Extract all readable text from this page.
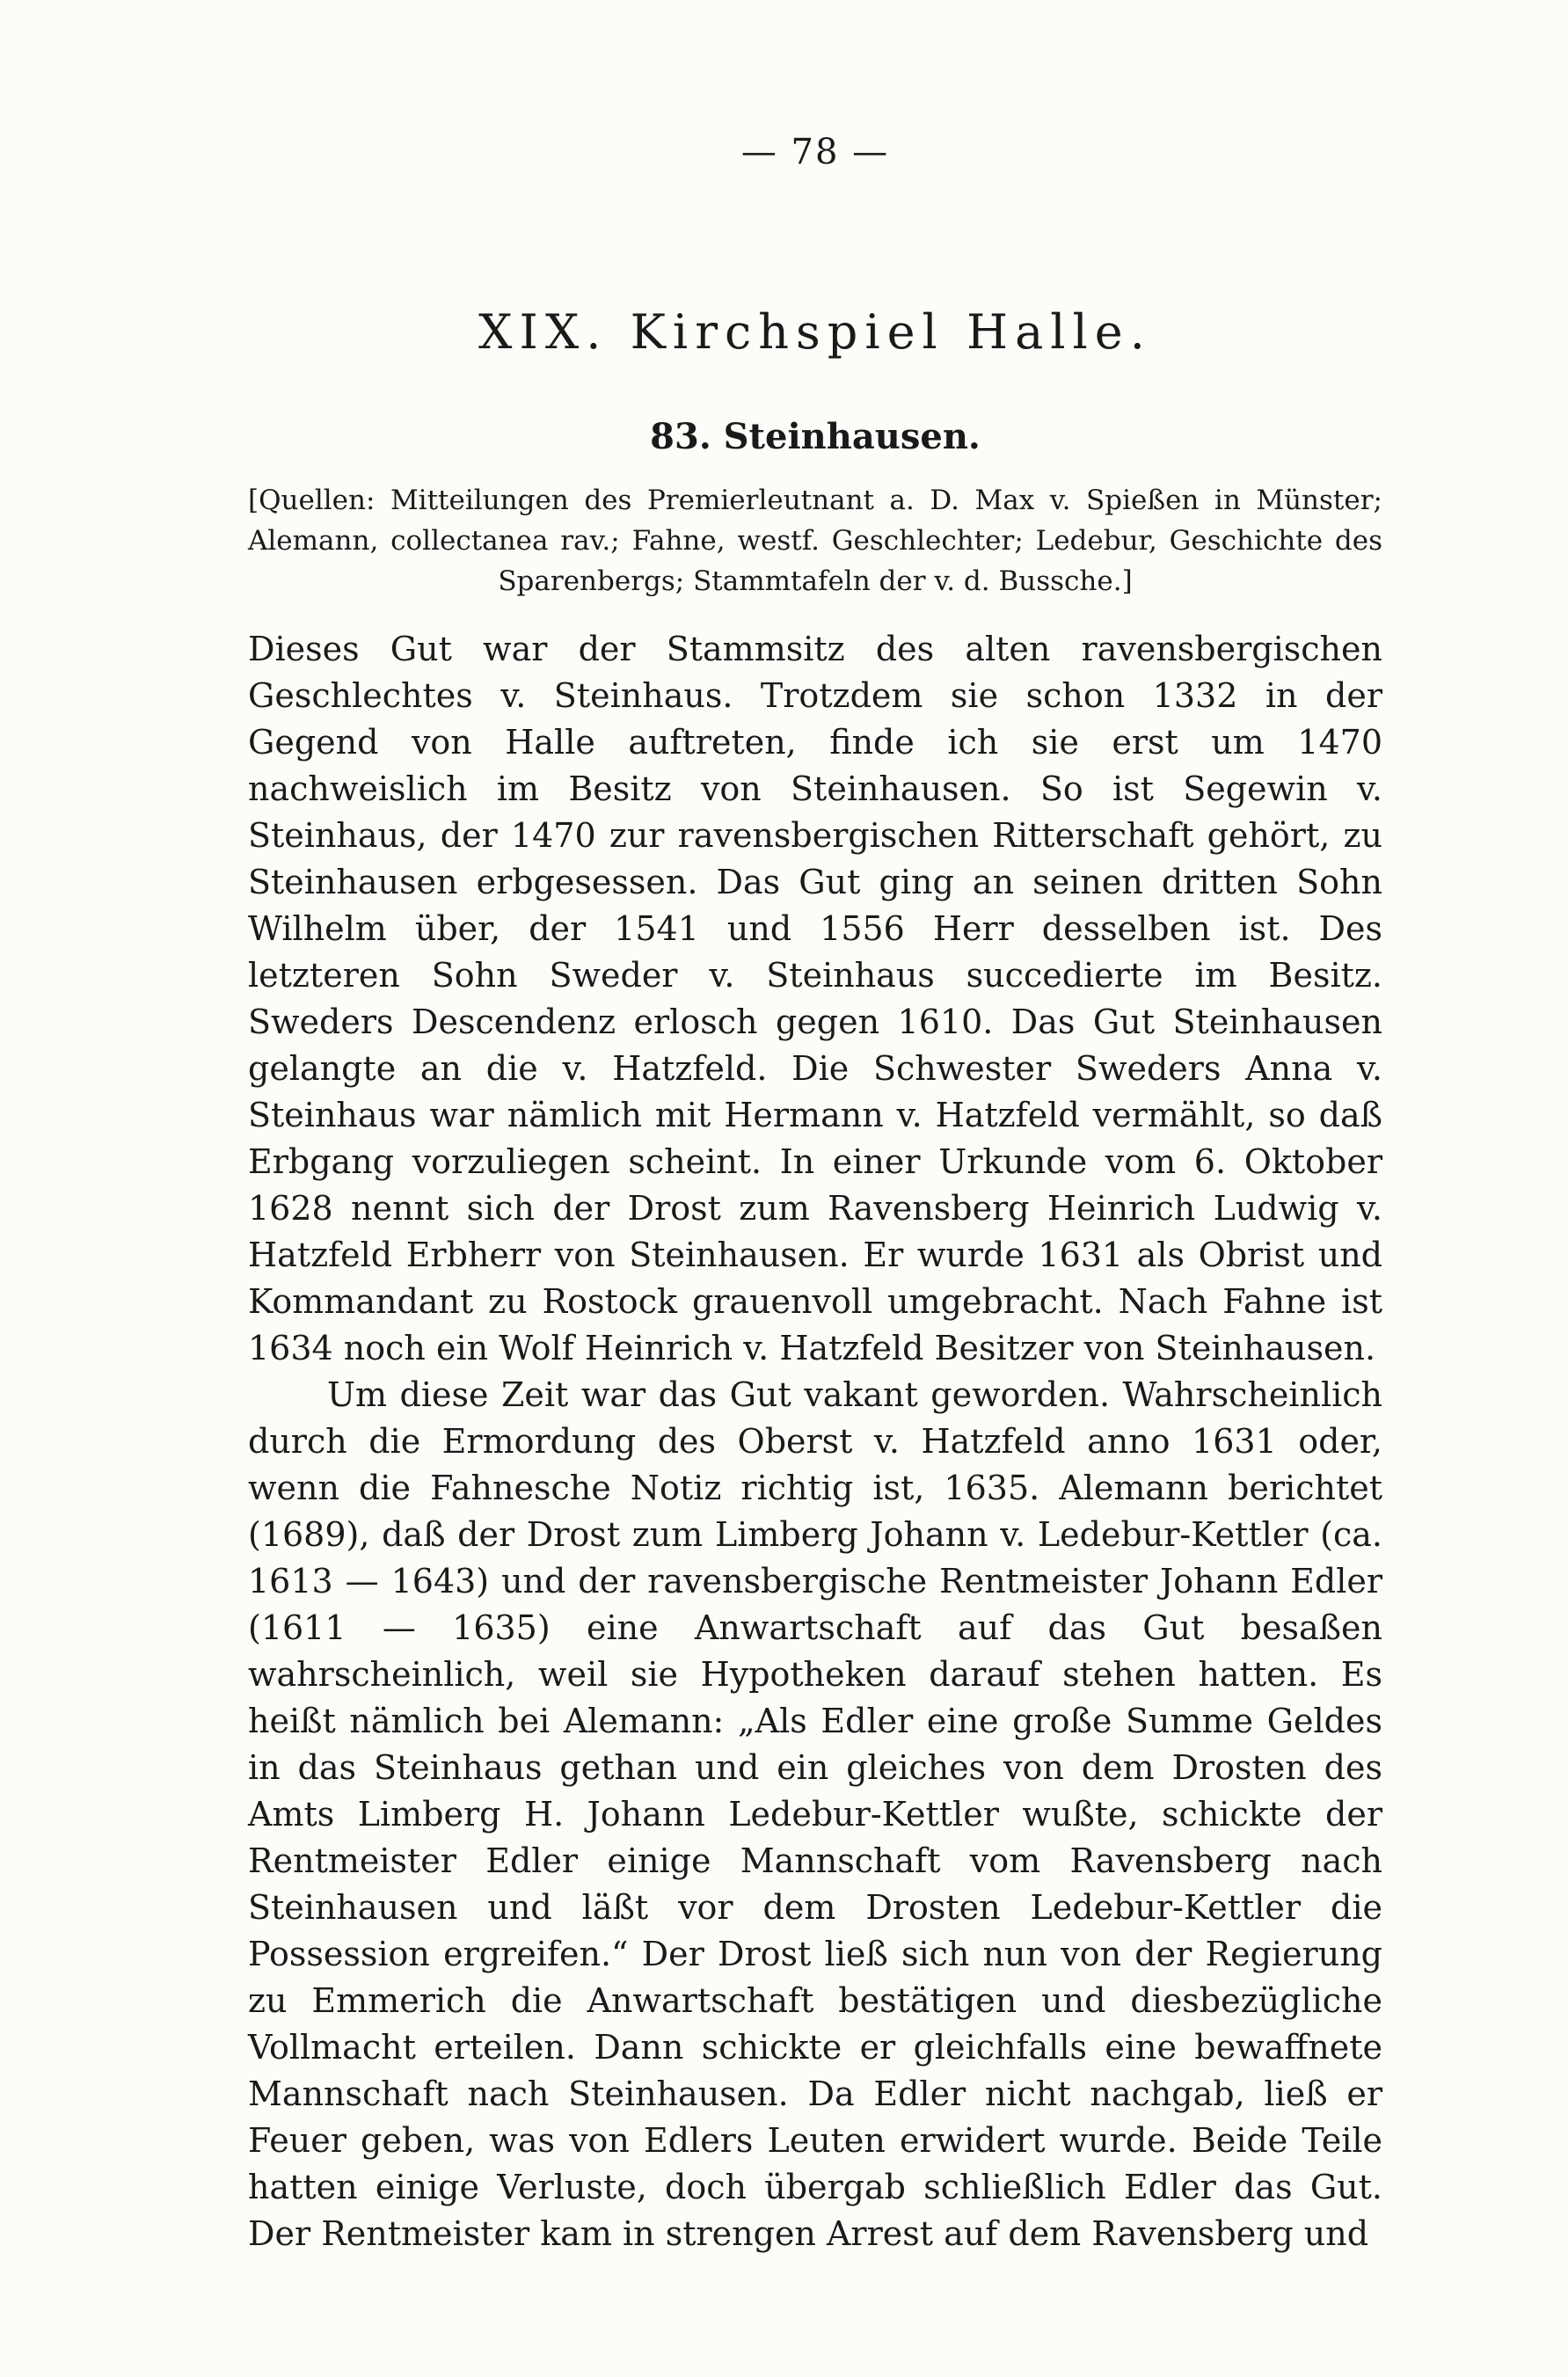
— 78 —
XIX. Kirchspiel Halle.
83. Steinhausen.

[Quellen: Mitteilungen des Premierleutnant a. D. Max v. Spießen in Münster; Alemann, collectanea rav.; Fahne, westf. Geschlechter; Ledebur, Geschichte des Sparenbergs; Stammtafeln der v. d. Bussche.]

Dieses Gut war der Stammsitz des alten ravensbergischen Geschlechtes v. Steinhaus. Trotzdem sie schon 1332 in der Gegend von Halle auftreten, finde ich sie erst um 1470 nachweislich im Besitz von Steinhausen. So ist Segewin v. Steinhaus, der 1470 zur ravensbergischen Ritterschaft gehört, zu Steinhausen erbgesessen. Das Gut ging an seinen dritten Sohn Wilhelm über, der 1541 und 1556 Herr desselben ist. Des letzteren Sohn Sweder v. Steinhaus succedierte im Besitz. Sweders Descendenz erlosch gegen 1610. Das Gut Steinhausen gelangte an die v. Hatzfeld. Die Schwester Sweders Anna v. Steinhaus war nämlich mit Hermann v. Hatzfeld vermählt, so daß Erbgang vorzuliegen scheint. In einer Urkunde vom 6. Oktober 1628 nennt sich der Drost zum Ravensberg Heinrich Ludwig v. Hatzfeld Erbherr von Steinhausen. Er wurde 1631 als Obrist und Kommandant zu Rostock grauenvoll umgebracht. Nach Fahne ist 1634 noch ein Wolf Heinrich v. Hatzfeld Besitzer von Steinhausen.

Um diese Zeit war das Gut vakant geworden. Wahrscheinlich durch die Ermordung des Oberst v. Hatzfeld anno 1631 oder, wenn die Fahnesche Notiz richtig ist, 1635. Alemann berichtet (1689), daß der Drost zum Limberg Johann v. Ledebur-Kettler (ca. 1613 — 1643) und der ravensbergische Rentmeister Johann Edler (1611 — 1635) eine Anwartschaft auf das Gut besaßen wahrscheinlich, weil sie Hypotheken darauf stehen hatten. Es heißt nämlich bei Alemann: „Als Edler eine große Summe Geldes in das Steinhaus gethan und ein gleiches von dem Drosten des Amts Limberg H. Johann Ledebur-Kettler wußte, schickte der Rentmeister Edler einige Mannschaft vom Ravensberg nach Steinhausen und läßt vor dem Drosten Ledebur-Kettler die Possession ergreifen.“ Der Drost ließ sich nun von der Regierung zu Emmerich die Anwartschaft bestätigen und diesbezügliche Vollmacht erteilen. Dann schickte er gleichfalls eine bewaffnete Mannschaft nach Steinhausen. Da Edler nicht nachgab, ließ er Feuer geben, was von Edlers Leuten erwidert wurde. Beide Teile hatten einige Verluste, doch übergab schließlich Edler das Gut. Der Rentmeister kam in strengen Arrest auf dem Ravensberg und
